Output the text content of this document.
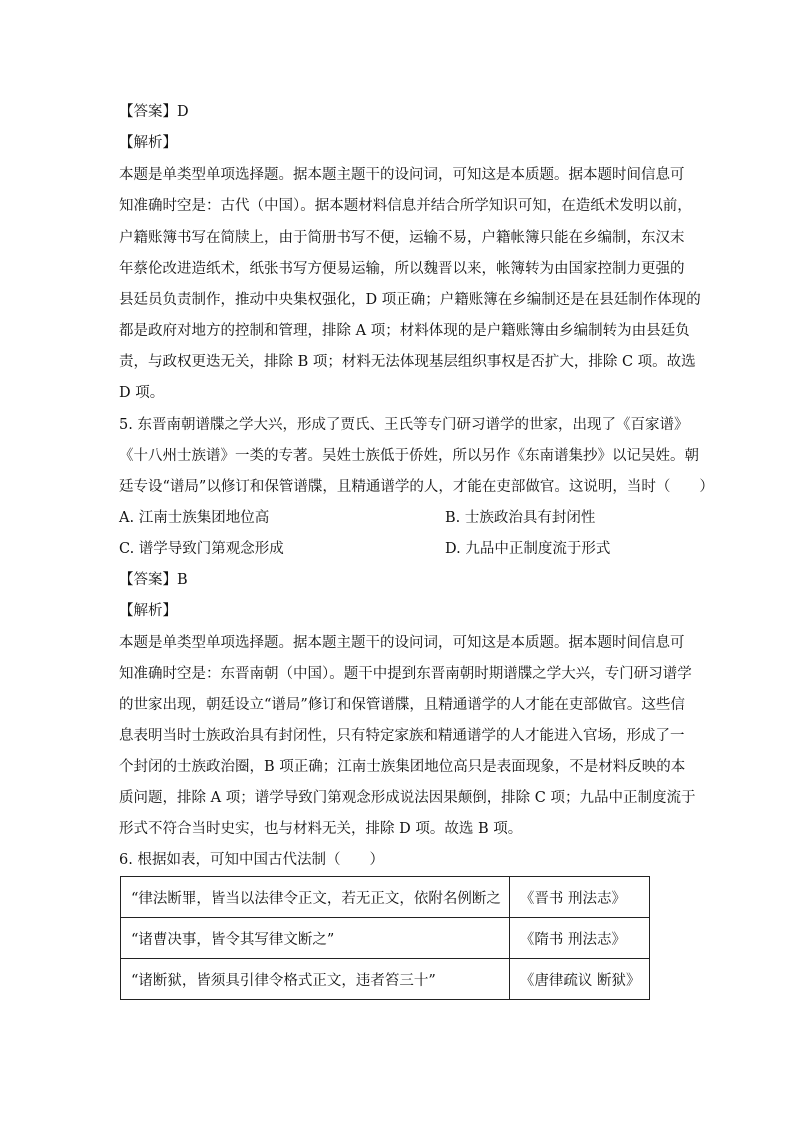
【答案】D
【解析】
本题是单类型单项选择题。据本题主题干的设问词，可知这是本质题。据本题时间信息可
知准确时空是：古代（中国）。据本题材料信息并结合所学知识可知，在造纸术发明以前，
户籍账簿书写在简牍上，由于简册书写不便，运输不易，户籍帐簿只能在乡编制，东汉末
年蔡伦改进造纸术，纸张书写方便易运输，所以魏晋以来，帐簿转为由国家控制力更强的
县廷员负责制作，推动中央集权强化，D 项正确；户籍账簿在乡编制还是在县廷制作体现的
都是政府对地方的控制和管理，排除 A 项；材料体现的是户籍账簿由乡编制转为由县廷负
责，与政权更迭无关，排除 B 项；材料无法体现基层组织事权是否扩大，排除 C 项。故选
D 项。
5. 东晋南朝谱牒之学大兴，形成了贾氏、王氏等专门研习谱学的世家，出现了《百家谱》
《十八州士族谱》一类的专著。吴姓士族低于侨姓，所以另作《东南谱集抄》以记吴姓。朝
廷专设“谱局”以修订和保管谱牒，且精通谱学的人，才能在吏部做官。这说明，当时（　　）
A. 江南士族集团地位高	B. 士族政治具有封闭性
C. 谱学导致门第观念形成	D. 九品中正制度流于形式
【答案】B
【解析】
本题是单类型单项选择题。据本题主题干的设问词，可知这是本质题。据本题时间信息可
知准确时空是：东晋南朝（中国）。题干中提到东晋南朝时期谱牒之学大兴，专门研习谱学
的世家出现，朝廷设立“谱局”修订和保管谱牒，且精通谱学的人才能在吏部做官。这些信
息表明当时士族政治具有封闭性，只有特定家族和精通谱学的人才能进入官场，形成了一
个封闭的士族政治圈，B 项正确；江南士族集团地位高只是表面现象，不是材料反映的本
质问题，排除 A 项；谱学导致门第观念形成说法因果颠倒，排除 C 项；九品中正制度流于
形式不符合当时史实，也与材料无关，排除 D 项。故选 B 项。
6. 根据如表，可知中国古代法制（　　）
“律法断罪，皆当以法律令正文，若无正文，依附名例断之	《晋书 刑法志》
“诸曹决事，皆令其写律文断之”	《隋书 刑法志》
“诸断狱，皆须具引律令格式正文，违者笞三十”	《唐律疏议 断狱》
